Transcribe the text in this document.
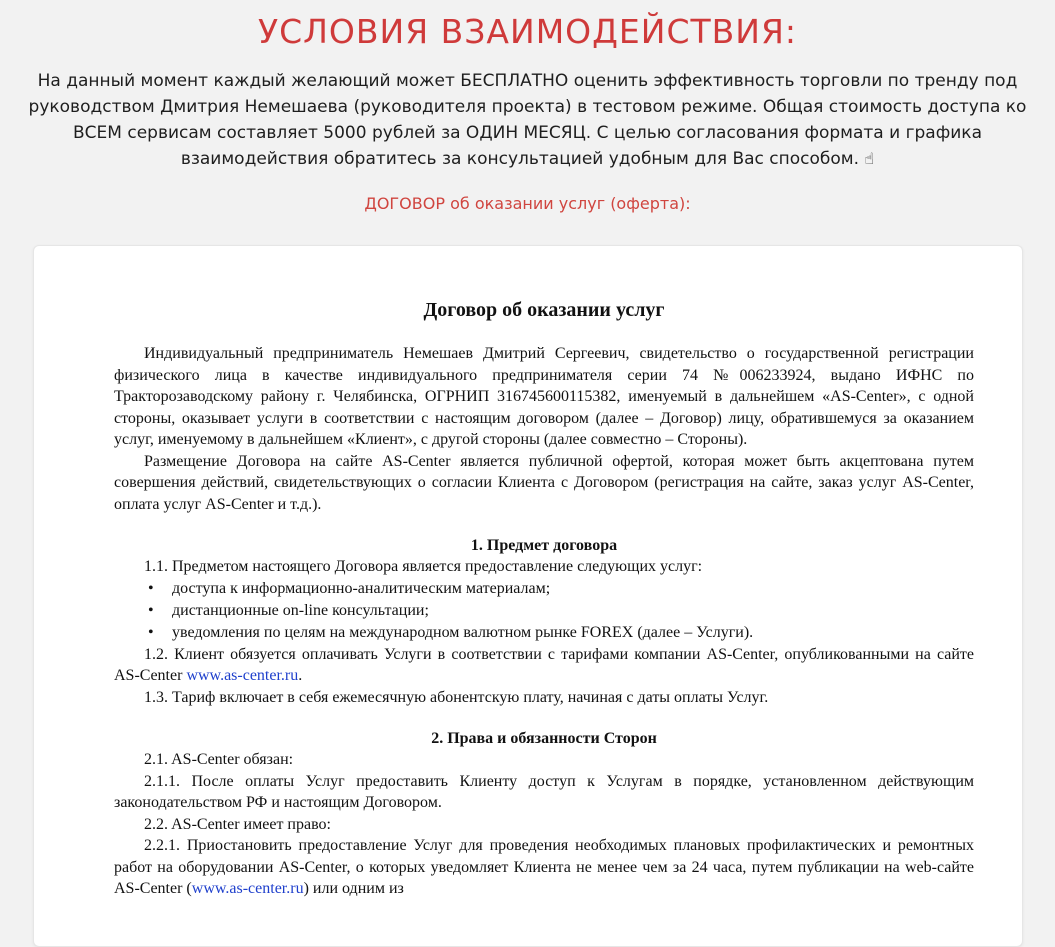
УСЛОВИЯ ВЗАИМОДЕЙСТВИЯ:
На данный момент каждый желающий может БЕСПЛАТНО оценить эффективность торговли по тренду под руководством Дмитрия Немешаева (руководителя проекта) в тестовом режиме. Общая стоимость доступа ко ВСЕМ сервисам составляет 5000 рублей за ОДИН МЕСЯЦ. С целью согласования формата и графика взаимодействия обратитесь за консультацией удобным для Вас способом. ☝
ДОГОВОР об оказании услуг (оферта):
Договор об оказании услуг

Индивидуальный предприниматель Немешаев Дмитрий Сергеевич, свидетельство о государственной регистрации физического лица в качестве индивидуального предпринимателя серии 74 №006233924, выдано ИФНС по Тракторозаводскому району г. Челябинска, ОГРНИП 316745600115382, именуемый в дальнейшем «AS-Center», с одной стороны, оказывает услуги в соответствии с настоящим договором (далее – Договор) лицу, обратившемуся за оказанием услуг, именуемому в дальнейшем «Клиент», с другой стороны (далее совместно – Стороны).

Размещение Договора на сайте AS-Center является публичной офертой, которая может быть акцептована путем совершения действий, свидетельствующих о согласии Клиента с Договором (регистрация на сайте, заказ услуг AS-Center, оплата услуг AS-Center и т.д.).

1. Предмет договора

1.1. Предметом настоящего Договора является предоставление следующих услуг:

• доступа к информационно-аналитическим материалам;
• дистанционные on-line консультации;
• уведомления по целям на международном валютном рынке FOREX (далее – Услуги).

1.2. Клиент обязуется оплачивать Услуги в соответствии с тарифами компании AS-Center, опубликованными на сайте AS-Center www.as-center.ru.

1.3. Тариф включает в себя ежемесячную абонентскую плату, начиная с даты оплаты Услуг.

2. Права и обязанности Сторон

2.1. AS-Center обязан:

2.1.1. После оплаты Услуг предоставить Клиенту доступ к Услугам в порядке, установленном действующим законодательством РФ и настоящим Договором.

2.2. AS-Center имеет право:

2.2.1. Приостановить предоставление Услуг для проведения необходимых плановых профилактических и ремонтных работ на оборудовании AS-Center, о которых уведомляет Клиента не менее чем за 24 часа, путем публикации на web-сайте AS-Center (www.as-center.ru) или одним из
